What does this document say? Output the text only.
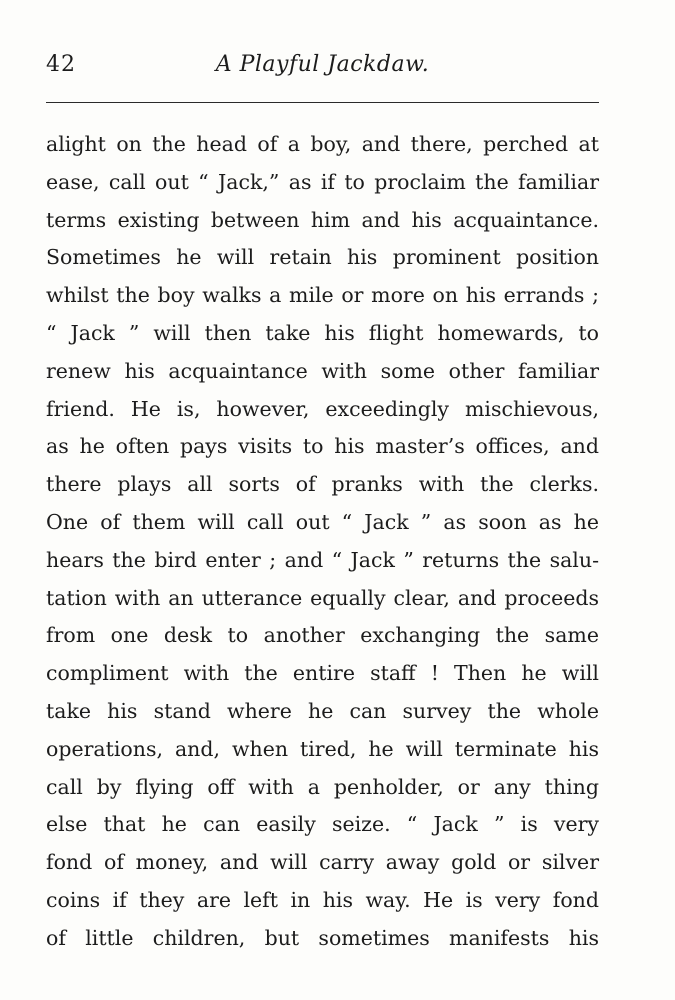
42	A Playful Jackdaw.
alight on the head of a boy, and there, perched at
ease, call out “ Jack,” as if to proclaim the familiar
terms existing between him and his acquaintance.
Sometimes he will retain his prominent position
whilst the boy walks a mile or more on his errands ;
“ Jack ” will then take his flight homewards, to
renew his acquaintance with some other familiar
friend. He is, however, exceedingly mischievous,
as he often pays visits to his master’s offices, and
there plays all sorts of pranks with the clerks.
One of them will call out “ Jack ” as soon as he
hears the bird enter ; and “ Jack ” returns the salu-
tation with an utterance equally clear, and proceeds
from one desk to another exchanging the same
compliment with the entire staff ! Then he will
take his stand where he can survey the whole
operations, and, when tired, he will terminate his
call by flying off with a penholder, or any thing
else that he can easily seize. “ Jack ” is very
fond of money, and will carry away gold or silver
coins if they are left in his way. He is very fond
of little children, but sometimes manifests his
